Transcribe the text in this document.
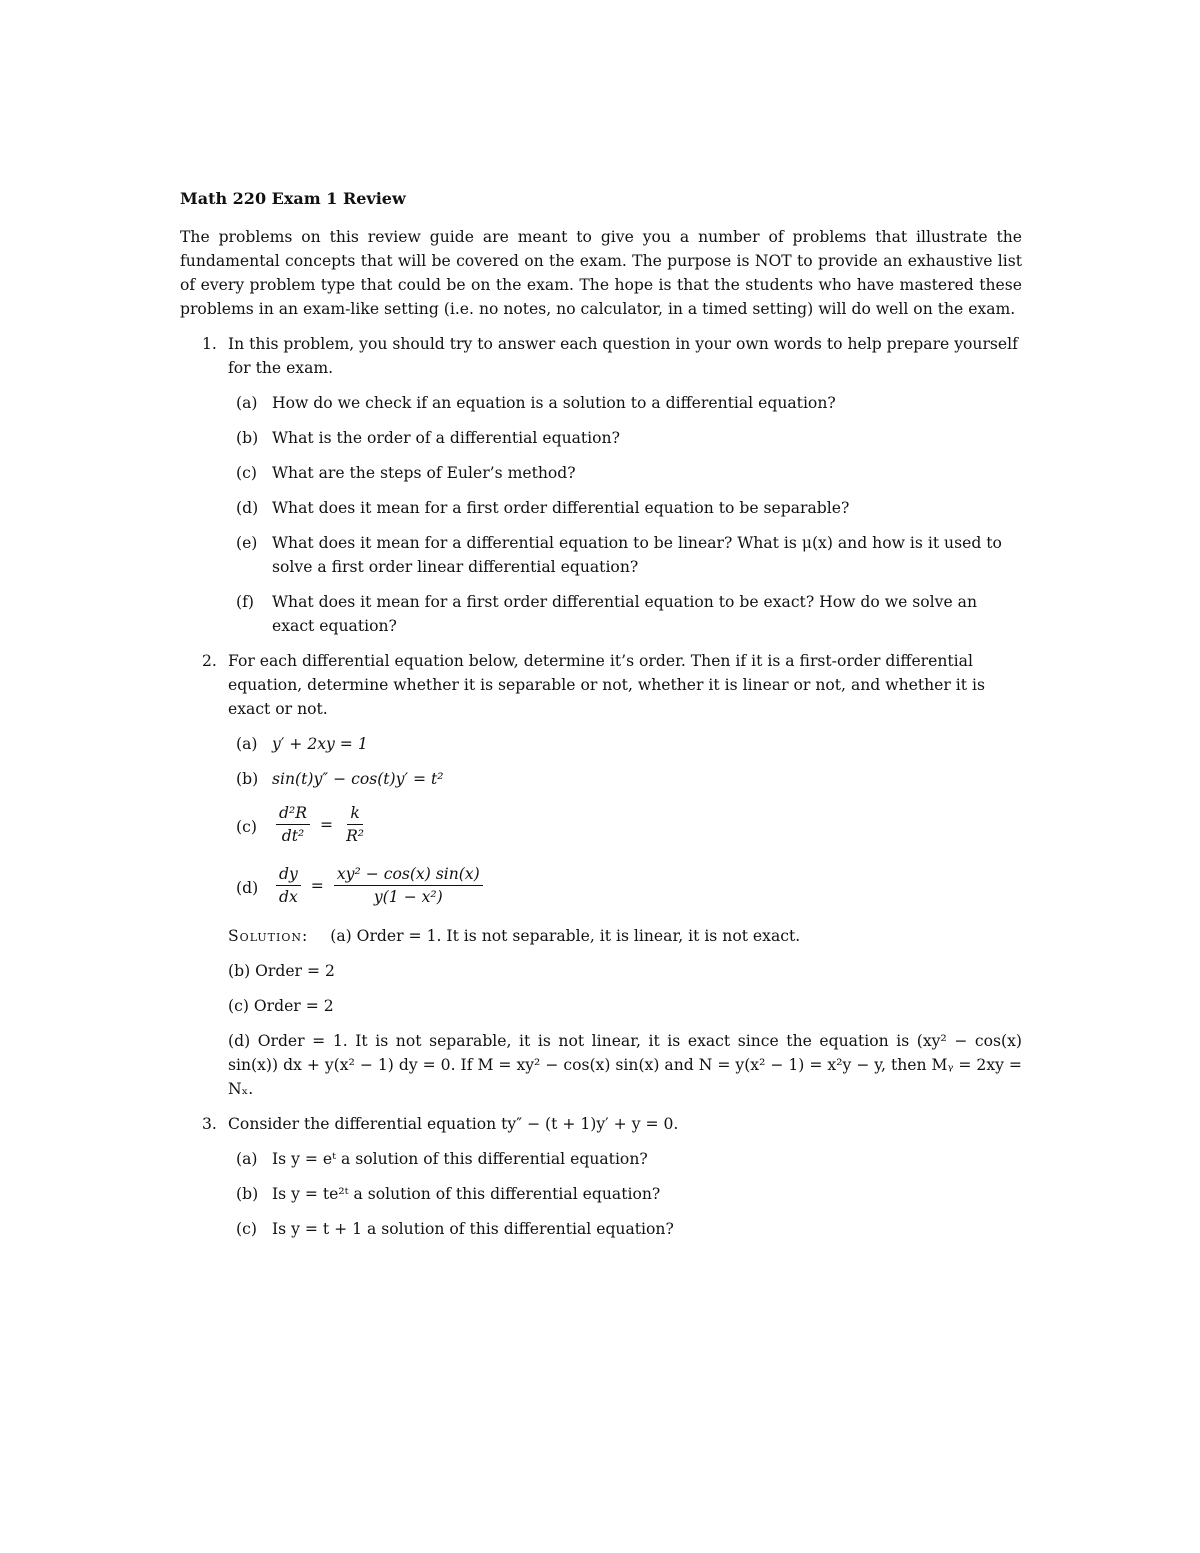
Math 220 Exam 1 Review
The problems on this review guide are meant to give you a number of problems that illustrate the fundamental concepts that will be covered on the exam. The purpose is NOT to provide an exhaustive list of every problem type that could be on the exam. The hope is that the students who have mastered these problems in an exam-like setting (i.e. no notes, no calculator, in a timed setting) will do well on the exam.
1. In this problem, you should try to answer each question in your own words to help prepare yourself for the exam.
(a) How do we check if an equation is a solution to a differential equation?
(b) What is the order of a differential equation?
(c) What are the steps of Euler’s method?
(d) What does it mean for a first order differential equation to be separable?
(e) What does it mean for a differential equation to be linear? What is μ(x) and how is it used to solve a first order linear differential equation?
(f) What does it mean for a first order differential equation to be exact? How do we solve an exact equation?
2. For each differential equation below, determine it’s order. Then if it is a first-order differential equation, determine whether it is separable or not, whether it is linear or not, and whether it is exact or not.
(a) y′ + 2xy = 1
(b) sin(t)y″ − cos(t)y′ = t²
$(c) \frac{\text{d²R}}{\text{dt²}} = \frac{k}{\text{R²}}$
$(d) \frac{dy}{dx} = \frac{\text{xy² − cos(x) sin(x)}}{\text{y(1 − x²)}}$
Solution: (a) Order = 1. It is not separable, it is linear, it is not exact.
(b) Order = 2
(c) Order = 2
(d) Order = 1. It is not separable, it is not linear, it is exact since the equation is (xy² − cos(x) sin(x)) dx + y(x² − 1) dy = 0. If M = xy² − cos(x) sin(x) and N = y(x² − 1) = x²y − y, then Mᵧ = 2xy = Nₓ.
3. Consider the differential equation ty″ − (t + 1)y′ + y = 0.
(a) Is y = eᵗ a solution of this differential equation?
(b) Is y = te²ᵗ a solution of this differential equation?
(c) Is y = t + 1 a solution of this differential equation?
